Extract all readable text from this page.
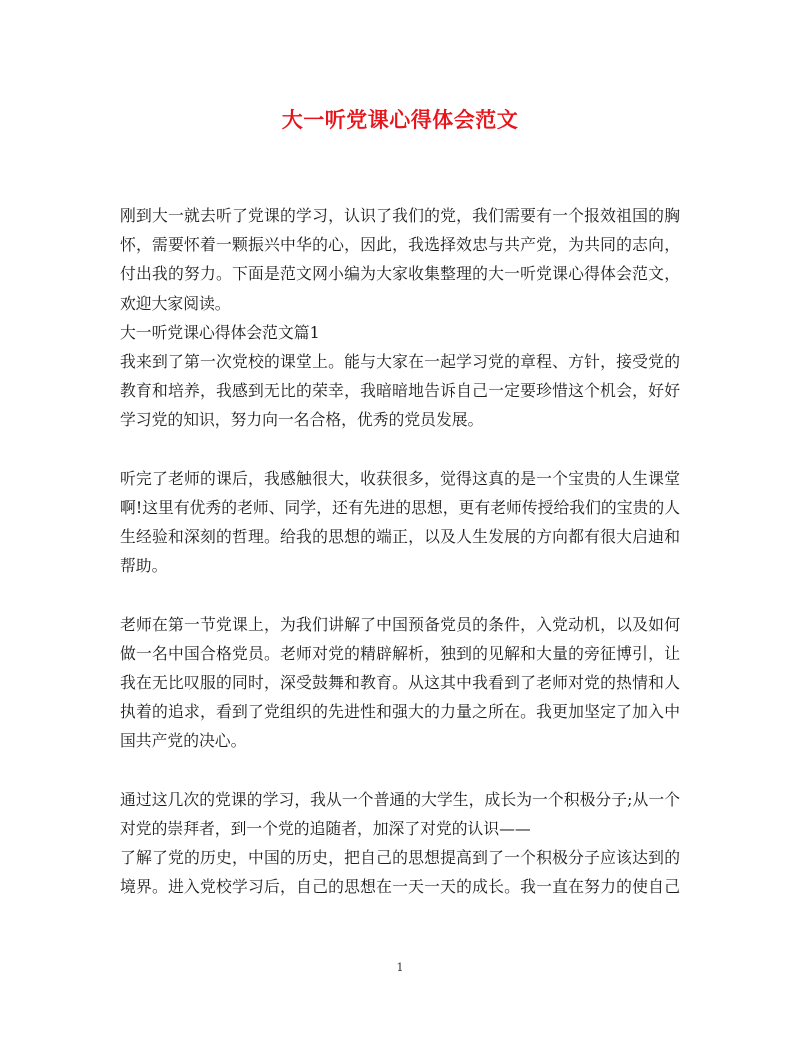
大一听党课心得体会范文
刚到大一就去听了党课的学习，认识了我们的党，我们需要有一个报效祖国的胸
怀，需要怀着一颗振兴中华的心，因此，我选择效忠与共产党，为共同的志向，
付出我的努力。下面是范文网小编为大家收集整理的大一听党课心得体会范文，
欢迎大家阅读。
大一听党课心得体会范文篇1
我来到了第一次党校的课堂上。能与大家在一起学习党的章程、方针，接受党的
教育和培养，我感到无比的荣幸，我暗暗地告诉自己一定要珍惜这个机会，好好
学习党的知识，努力向一名合格，优秀的党员发展。
听完了老师的课后，我感触很大，收获很多，觉得这真的是一个宝贵的人生课堂
啊!这里有优秀的老师、同学，还有先进的思想，更有老师传授给我们的宝贵的人
生经验和深刻的哲理。给我的思想的端正，以及人生发展的方向都有很大启迪和
帮助。
老师在第一节党课上，为我们讲解了中国预备党员的条件，入党动机，以及如何
做一名中国合格党员。老师对党的精辟解析，独到的见解和大量的旁征博引，让
我在无比叹服的同时，深受鼓舞和教育。从这其中我看到了老师对党的热情和人
执着的追求，看到了党组织的先进性和强大的力量之所在。我更加坚定了加入中
国共产党的决心。
通过这几次的党课的学习，我从一个普通的大学生，成长为一个积极分子;从一个
对党的崇拜者，到一个党的追随者，加深了对党的认识——
了解了党的历史，中国的历史，把自己的思想提高到了一个积极分子应该达到的
境界。进入党校学习后，自己的思想在一天一天的成长。我一直在努力的使自己
1
